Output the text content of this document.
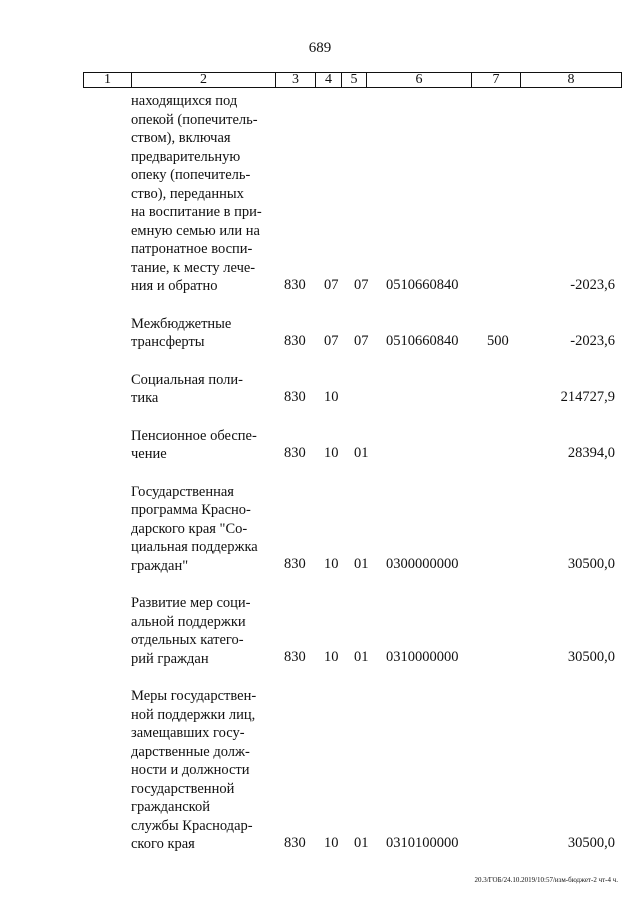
689
1	2	3	4	5	6	7	8
находящихся под
опекой (попечитель-
ством), включая
предварительную
опеку (попечитель-
ство), переданных
на воспитание в при-
емную семью или на
патронатное воспи-
тание, к месту лече-
ния и обратно	830 07 07 0510660840	-2023,6
Межбюджетные
трансферты	830 07 07 0510660840 500	-2023,6
Социальная поли-
тика	830 10	214727,9
Пенсионное обеспе-
чение	830 10 01	28394,0
Государственная
программа Красно-
дарского края "Со-
циальная поддержка
граждан"	830 10 01 0300000000	30500,0
Развитие мер соци-
альной поддержки
отдельных катего-
рий граждан	830 10 01 0310000000	30500,0
Меры государствен-
ной поддержки лиц,
замещавших госу-
дарственные долж-
ности и должности
государственной
гражданской
службы Краснодар-
ского края	830 10 01 0310100000	30500,0
20.3/ГОБ/24.10.2019/10:57/изм-бюджет-2 чт-4 ч.
